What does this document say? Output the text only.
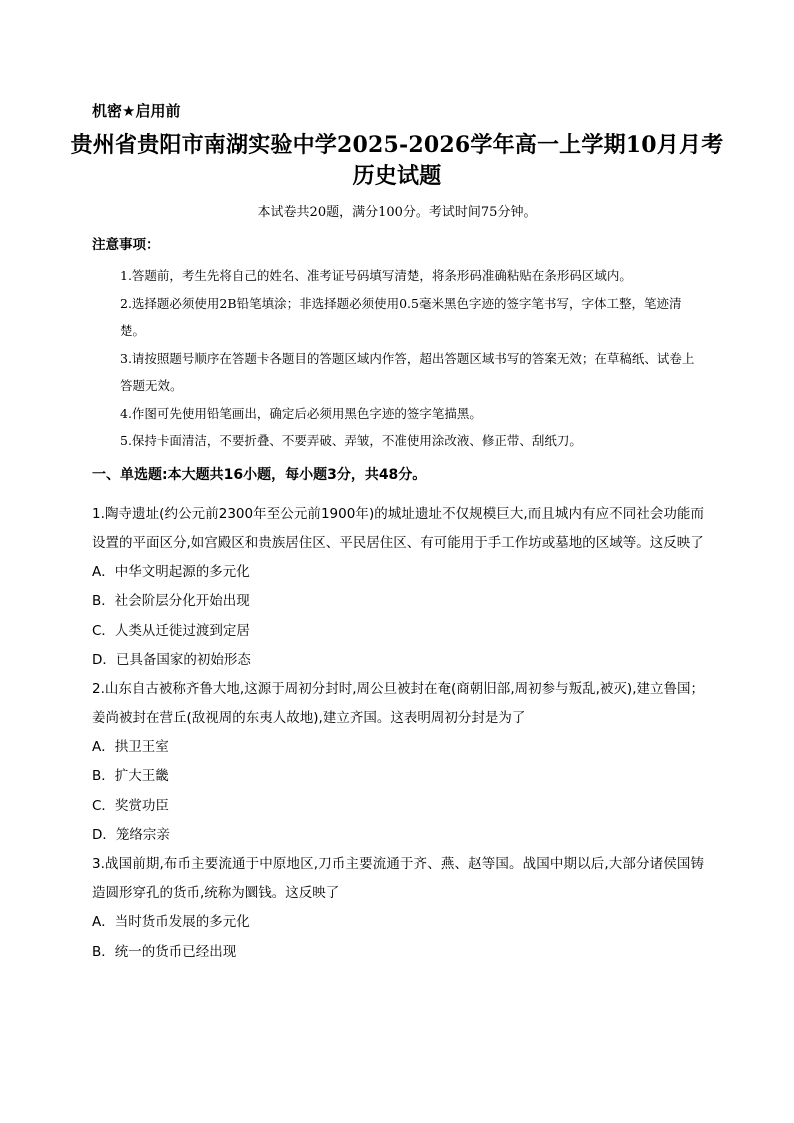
机密★启用前
贵州省贵阳市南湖实验中学2025-2026学年高一上学期10月月考历史试题
本试卷共20题，满分100分。考试时间75分钟。
注意事项：
1.答题前，考生先将自己的姓名、准考证号码填写清楚，将条形码准确粘贴在条形码区域内。
2.选择题必须使用2B铅笔填涂；非选择题必须使用0.5毫米黑色字迹的签字笔书写，字体工整，笔迹清楚。
3.请按照题号顺序在答题卡各题目的答题区域内作答，超出答题区域书写的答案无效；在草稿纸、试卷上答题无效。
4.作图可先使用铅笔画出，确定后必须用黑色字迹的签字笔描黑。
5.保持卡面清洁，不要折叠、不要弄破、弄皱，不准使用涂改液、修正带、刮纸刀。
一、单选题:本大题共16小题，每小题3分，共48分。
1.陶寺遗址(约公元前2300年至公元前1900年)的城址遗址不仅规模巨大,而且城内有应不同社会功能而设置的平面区分,如宫殿区和贵族居住区、平民居住区、有可能用于手工作坊或墓地的区域等。这反映了
A．中华文明起源的多元化
B．社会阶层分化开始出现
C．人类从迁徙过渡到定居
D．已具备国家的初始形态
2.山东自古被称齐鲁大地,这源于周初分封时,周公旦被封在奄(商朝旧部,周初参与叛乱,被灭),建立鲁国；姜尚被封在营丘(敌视周的东夷人故地),建立齐国。这表明周初分封是为了
A．拱卫王室
B．扩大王畿
C．奖赏功臣
D．笼络宗亲
3.战国前期,布币主要流通于中原地区,刀币主要流通于齐、燕、赵等国。战国中期以后,大部分诸侯国铸造圆形穿孔的货币,统称为圜钱。这反映了
A．当时货币发展的多元化
B．统一的货币已经出现
